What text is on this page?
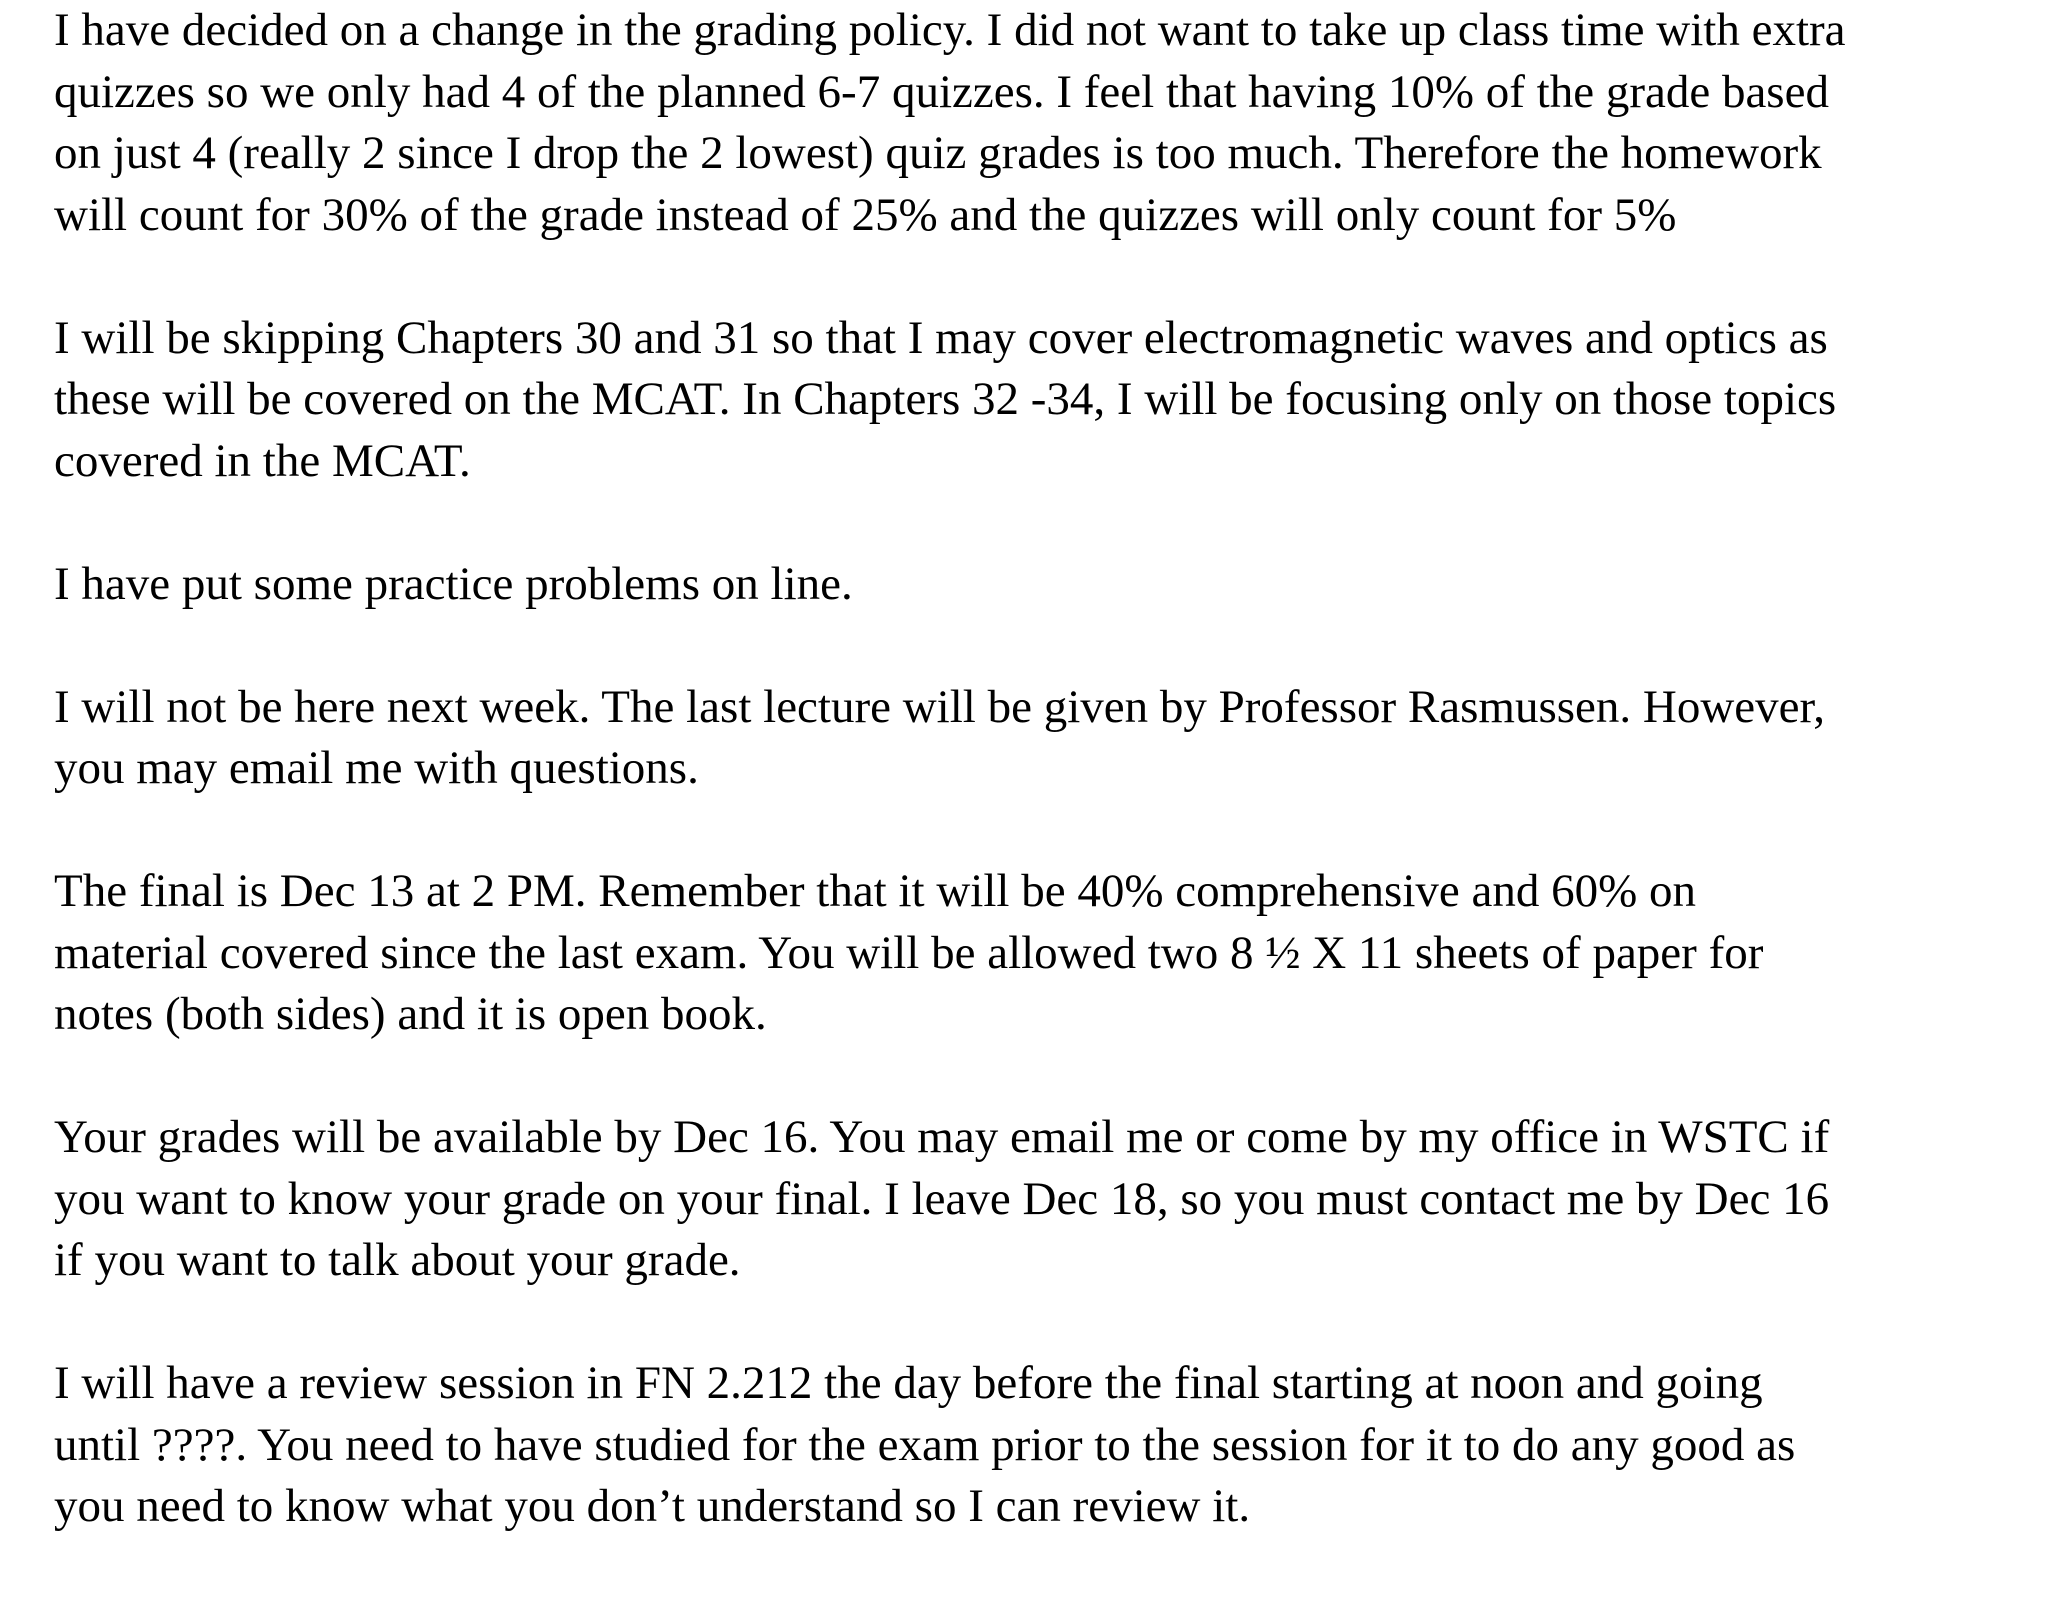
I have decided on a change in the grading policy. I did not want to take up class time with extra
quizzes so we only had 4 of the planned 6-7 quizzes. I feel that having 10% of the grade based
on just 4 (really 2 since I drop the 2 lowest) quiz grades is too much. Therefore the homework
will count for 30% of the grade instead of 25% and the quizzes will only count for 5%
I will be skipping Chapters 30 and 31 so that I may cover electromagnetic waves and optics as
these will be covered on the MCAT. In Chapters 32 -34, I will be focusing only on those topics
covered in the MCAT.
I have put some practice problems on line.
I will not be here next week. The last lecture will be given by Professor Rasmussen. However,
you may email me with questions.
The final is Dec 13 at 2 PM. Remember that it will be 40% comprehensive and 60% on
material covered since the last exam. You will be allowed two 8 ½ X 11 sheets of paper for
notes (both sides) and it is open book.
Your grades will be available by Dec 16. You may email me or come by my office in WSTC if
you want to know your grade on your final. I leave Dec 18, so you must contact me by Dec 16
if you want to talk about your grade.
I will have a review session in FN 2.212 the day before the final starting at noon and going
until ????. You need to have studied for the exam prior to the session for it to do any good as
you need to know what you don’t understand so I can review it.
